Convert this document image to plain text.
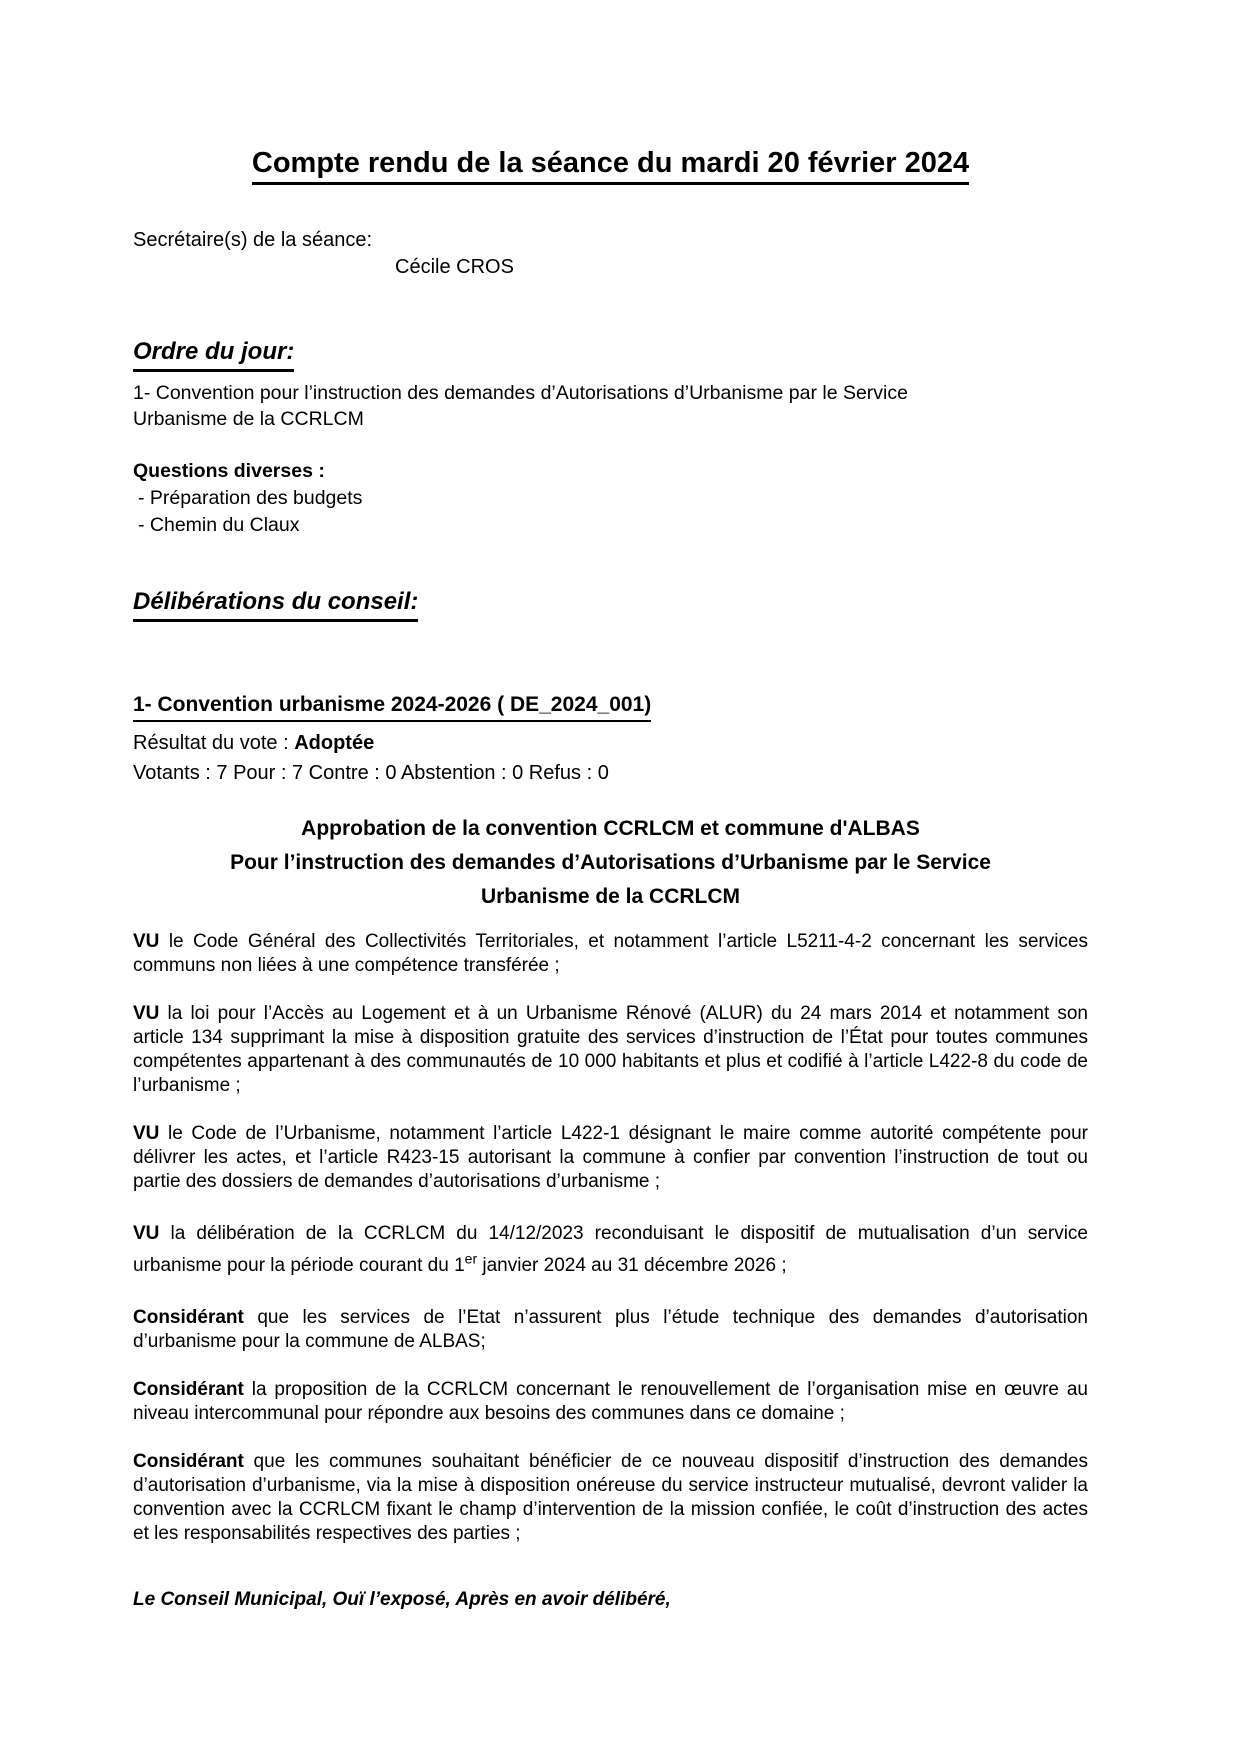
Compte rendu de la séance du mardi 20 février 2024
Secrétaire(s) de la séance:
Cécile CROS
Ordre du jour:

1- Convention pour l’instruction des demandes d’Autorisations d’Urbanisme par le Service
Urbanisme de la CCRLCM

Questions diverses :

- Préparation des budgets
- Chemin du Claux
Délibérations du conseil:
1- Convention urbanisme 2024-2026 ( DE_2024_001)

Résultat du vote : Adoptée

Votants : 7 Pour : 7 Contre : 0 Abstention : 0 Refus : 0

Approbation de la convention CCRLCM et commune d'ALBAS
Pour l’instruction des demandes d’Autorisations d’Urbanisme par le Service
Urbanisme de la CCRLCM

VU le Code Général des Collectivités Territoriales, et notamment l’article L5211-4-2 concernant les services communs non liées à une compétence transférée ;

VU la loi pour l’Accès au Logement et à un Urbanisme Rénové (ALUR) du 24 mars 2014 et notamment son article 134 supprimant la mise à disposition gratuite des services d’instruction de l’État pour toutes communes compétentes appartenant à des communautés de 10 000 habitants et plus et codifié à l’article L422-8 du code de l’urbanisme ;

VU le Code de l’Urbanisme, notamment l’article L422-1 désignant le maire comme autorité compétente pour délivrer les actes, et l’article R423-15 autorisant la commune à confier par convention l’instruction de tout ou partie des dossiers de demandes d’autorisations d’urbanisme ;

VU la délibération de la CCRLCM du 14/12/2023 reconduisant le dispositif de mutualisation d’un service urbanisme pour la période courant du 1er janvier 2024 au 31 décembre 2026 ;

Considérant que les services de l’Etat n’assurent plus l’étude technique des demandes d’autorisation d’urbanisme pour la commune de ALBAS;

Considérant la proposition de la CCRLCM concernant le renouvellement de l’organisation mise en œuvre au niveau intercommunal pour répondre aux besoins des communes dans ce domaine ;

Considérant que les communes souhaitant bénéficier de ce nouveau dispositif d’instruction des demandes d’autorisation d’urbanisme, via la mise à disposition onéreuse du service instructeur mutualisé, devront valider la convention avec la CCRLCM fixant le champ d’intervention de la mission confiée, le coût d’instruction des actes et les responsabilités respectives des parties ;

Le Conseil Municipal, Ouï l’exposé, Après en avoir délibéré,
